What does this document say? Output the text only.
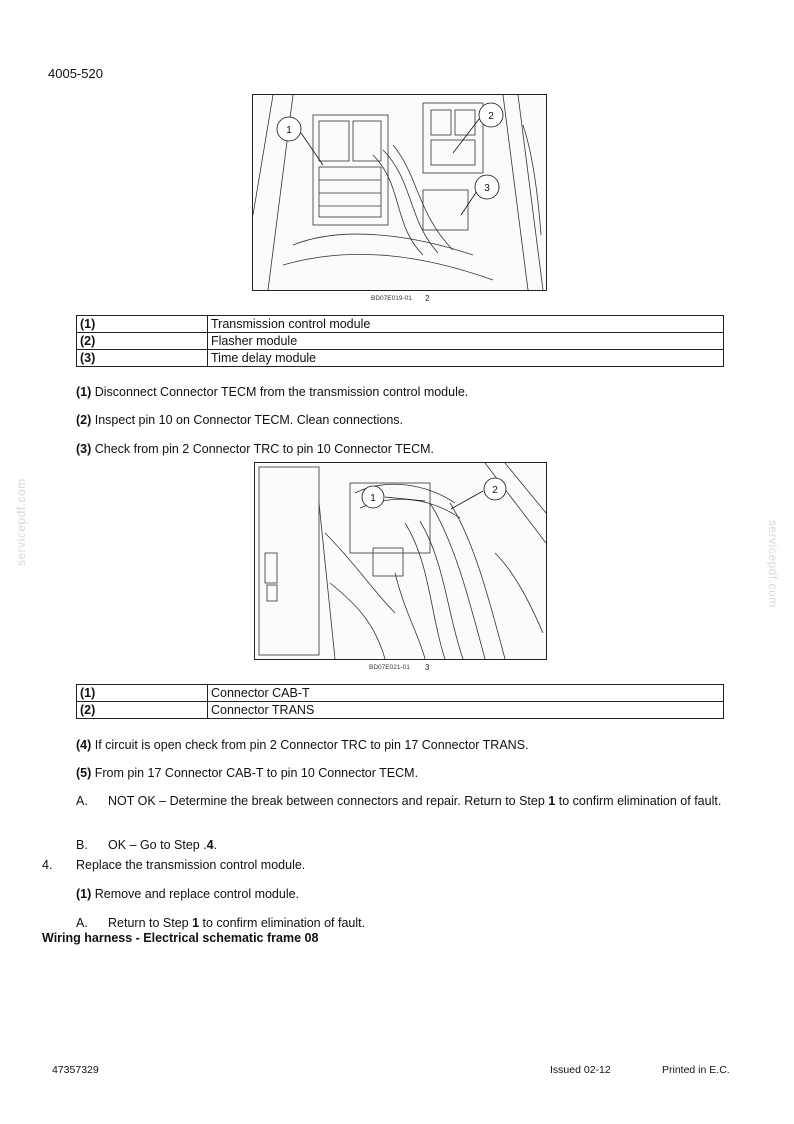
4005-520
1
2
3
BD07E019-01 2
(1)	Transmission control module
(2)	Flasher module
(3)	Time delay module
(1) Disconnect Connector TECM from the transmission control module.
(2) Inspect pin 10 on Connector TECM. Clean connections.
(3) Check from pin 2 Connector TRC to pin 10 Connector TECM.
1
2
BD07E021-01 3
(1)	Connector CAB-T
(2)	Connector TRANS
(4) If circuit is open check from pin 2 Connector TRC to pin 17 Connector TRANS.
(5) From pin 17 Connector CAB-T to pin 10 Connector TECM.
A. NOT OK – Determine the break between connectors and repair. Return to Step 1 to confirm elimination of fault.
B. OK – Go to Step .4.
4. Replace the transmission control module.
(1) Remove and replace control module.
A. Return to Step 1 to confirm elimination of fault.
Wiring harness - Electrical schematic frame 08
servicepdf.com	servicepdf.com
47357329	Issued 02-12	Printed in E.C.
